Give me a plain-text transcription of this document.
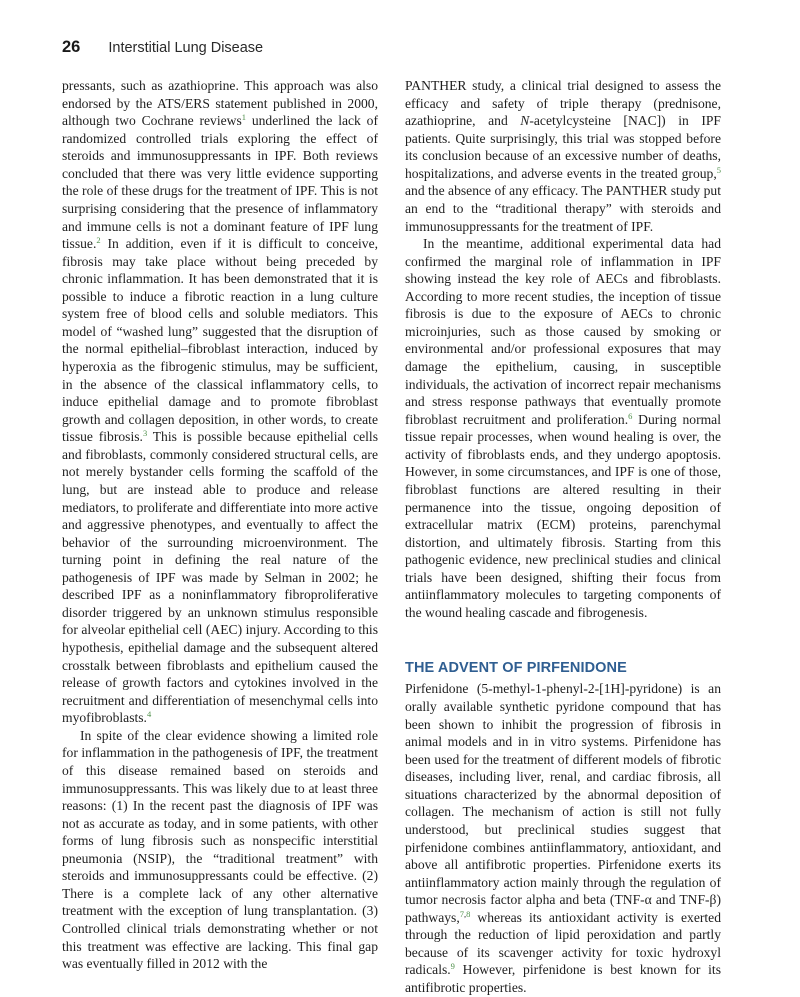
26 Interstitial Lung Disease

pressants, such as azathioprine. This approach was also endorsed by the ATS/ERS statement published in 2000, although two Cochrane reviews$^1$ underlined the lack of randomized controlled trials exploring the effect of steroids and immunosuppressants in IPF. Both reviews concluded that there was very little evidence supporting the role of these drugs for the treatment of IPF. This is not surprising considering that the presence of inflammatory and immune cells is not a dominant feature of IPF lung tissue.$^2$ In addition, even if it is difficult to conceive, fibrosis may take place without being preceded by chronic inflammation. It has been demonstrated that it is possible to induce a fibrotic reaction in a lung culture system free of blood cells and soluble mediators. This model of “washed lung” suggested that the disruption of the normal epithelial–fibroblast interaction, induced by hyperoxia as the fibrogenic stimulus, may be sufficient, in the absence of the classical inflammatory cells, to induce epithelial damage and to promote fibroblast growth and collagen deposition, in other words, to create tissue fibrosis.$^3$ This is possible because epithelial cells and fibroblasts, commonly considered structural cells, are not merely bystander cells forming the scaffold of the lung, but are instead able to produce and release mediators, to proliferate and differentiate into more active and aggressive phenotypes, and eventually to affect the behavior of the surrounding microenvironment. The turning point in defining the real nature of the pathogenesis of IPF was made by Selman in 2002; he described IPF as a noninflammatory fibroproliferative disorder triggered by an unknown stimulus responsible for alveolar epithelial cell (AEC) injury. According to this hypothesis, epithelial damage and the subsequent altered crosstalk between fibroblasts and epithelium caused the release of growth factors and cytokines involved in the recruitment and differentiation of mesenchymal cells into myofibroblasts.$^4$

In spite of the clear evidence showing a limited role for inflammation in the pathogenesis of IPF, the treatment of this disease remained based on steroids and immunosuppressants. This was likely due to at least three reasons: (1) In the recent past the diagnosis of IPF was not as accurate as today, and in some patients, with other forms of lung fibrosis such as nonspecific interstitial pneumonia (NSIP), the “traditional treatment” with steroids and immunosuppressants could be effective. (2) There is a complete lack of any other alternative treatment with the exception of lung transplantation. (3) Controlled clinical trials demonstrating whether or not this treatment was effective are lacking. This final gap was eventually filled in 2012 with the

PANTHER study, a clinical trial designed to assess the efficacy and safety of triple therapy (prednisone, azathioprine, and N-acetylcysteine [NAC]) in IPF patients. Quite surprisingly, this trial was stopped before its conclusion because of an excessive number of deaths, hospitalizations, and adverse events in the treated group,$^5$ and the absence of any efficacy. The PANTHER study put an end to the “traditional therapy” with steroids and immunosuppressants for the treatment of IPF.

In the meantime, additional experimental data had confirmed the marginal role of inflammation in IPF showing instead the key role of AECs and fibroblasts. According to more recent studies, the inception of tissue fibrosis is due to the exposure of AECs to chronic microinjuries, such as those caused by smoking or environmental and/or professional exposures that may damage the epithelium, causing, in susceptible individuals, the activation of incorrect repair mechanisms and stress response pathways that eventually promote fibroblast recruitment and proliferation.$^6$ During normal tissue repair processes, when wound healing is over, the activity of fibroblasts ends, and they undergo apoptosis. However, in some circumstances, and IPF is one of those, fibroblast functions are altered resulting in their permanence into the tissue, ongoing deposition of extracellular matrix (ECM) proteins, parenchymal distortion, and ultimately fibrosis. Starting from this pathogenic evidence, new preclinical studies and clinical trials have been designed, shifting their focus from antiinflammatory molecules to targeting components of the wound healing cascade and fibrogenesis.

THE ADVENT OF PIRFENIDONE

Pirfenidone (5-methyl-1-phenyl-2-[1H]-pyridone) is an orally available synthetic pyridone compound that has been shown to inhibit the progression of fibrosis in animal models and in in vitro systems. Pirfenidone has been used for the treatment of different models of fibrotic diseases, including liver, renal, and cardiac fibrosis, all situations characterized by the abnormal deposition of collagen. The mechanism of action is still not fully understood, but preclinical studies suggest that pirfenidone combines antiinflammatory, antioxidant, and above all antifibrotic properties. Pirfenidone exerts its antiinflammatory action mainly through the regulation of tumor necrosis factor alpha and beta (TNF-α and TNF-β) pathways,$^{7,8}$ whereas its antioxidant activity is exerted through the reduction of lipid peroxidation and partly because of its scavenger activity for toxic hydroxyl radicals.$^9$ However, pirfenidone is best known for its antifibrotic properties.
